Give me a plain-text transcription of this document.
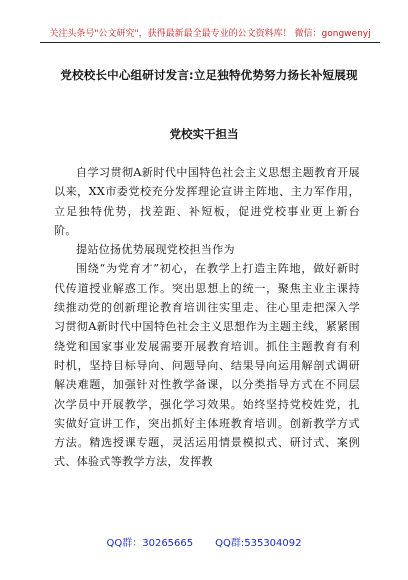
关注头条号"公文研究"，获得最新最全最专业的公文资料库！ 微信：gongwenyj
党校校长中心组研讨发言:立足独特优势努力扬长补短展现
党校实干担当

自学习贯彻A新时代中国特色社会主义思想主题教育开展以来，XX市委党校充分发挥理论宣讲主阵地、主力军作用，立足独特优势，找差距、补短板，促进党校事业更上新台阶。

提站位扬优势展现党校担当作为

围绕“为党育才”初心，在教学上打造主阵地，做好新时代传道授业解惑工作。突出思想上的统一，聚焦主业主课持续推动党的创新理论教育培训往实里走、往心里走把深入学习贯彻A新时代中国特色社会主义思想作为主题主线，紧紧围绕党和国家事业发展需要开展教育培训。抓住主题教育有利时机，坚持目标导向、问题导向、结果导向运用解剖式调研解决难题，加强针对性教学备课，以分类指导方式在不同层次学员中开展教学，强化学习效果。始终坚持党校姓党，扎实做好宣讲工作，突出抓好主体班教育培训。创新教学方式方法。精选授课专题，灵活运用情景模拟式、研讨式、案例式、体验式等教学方法，发挥教

QQ群：30265665 QQ群:535304092
